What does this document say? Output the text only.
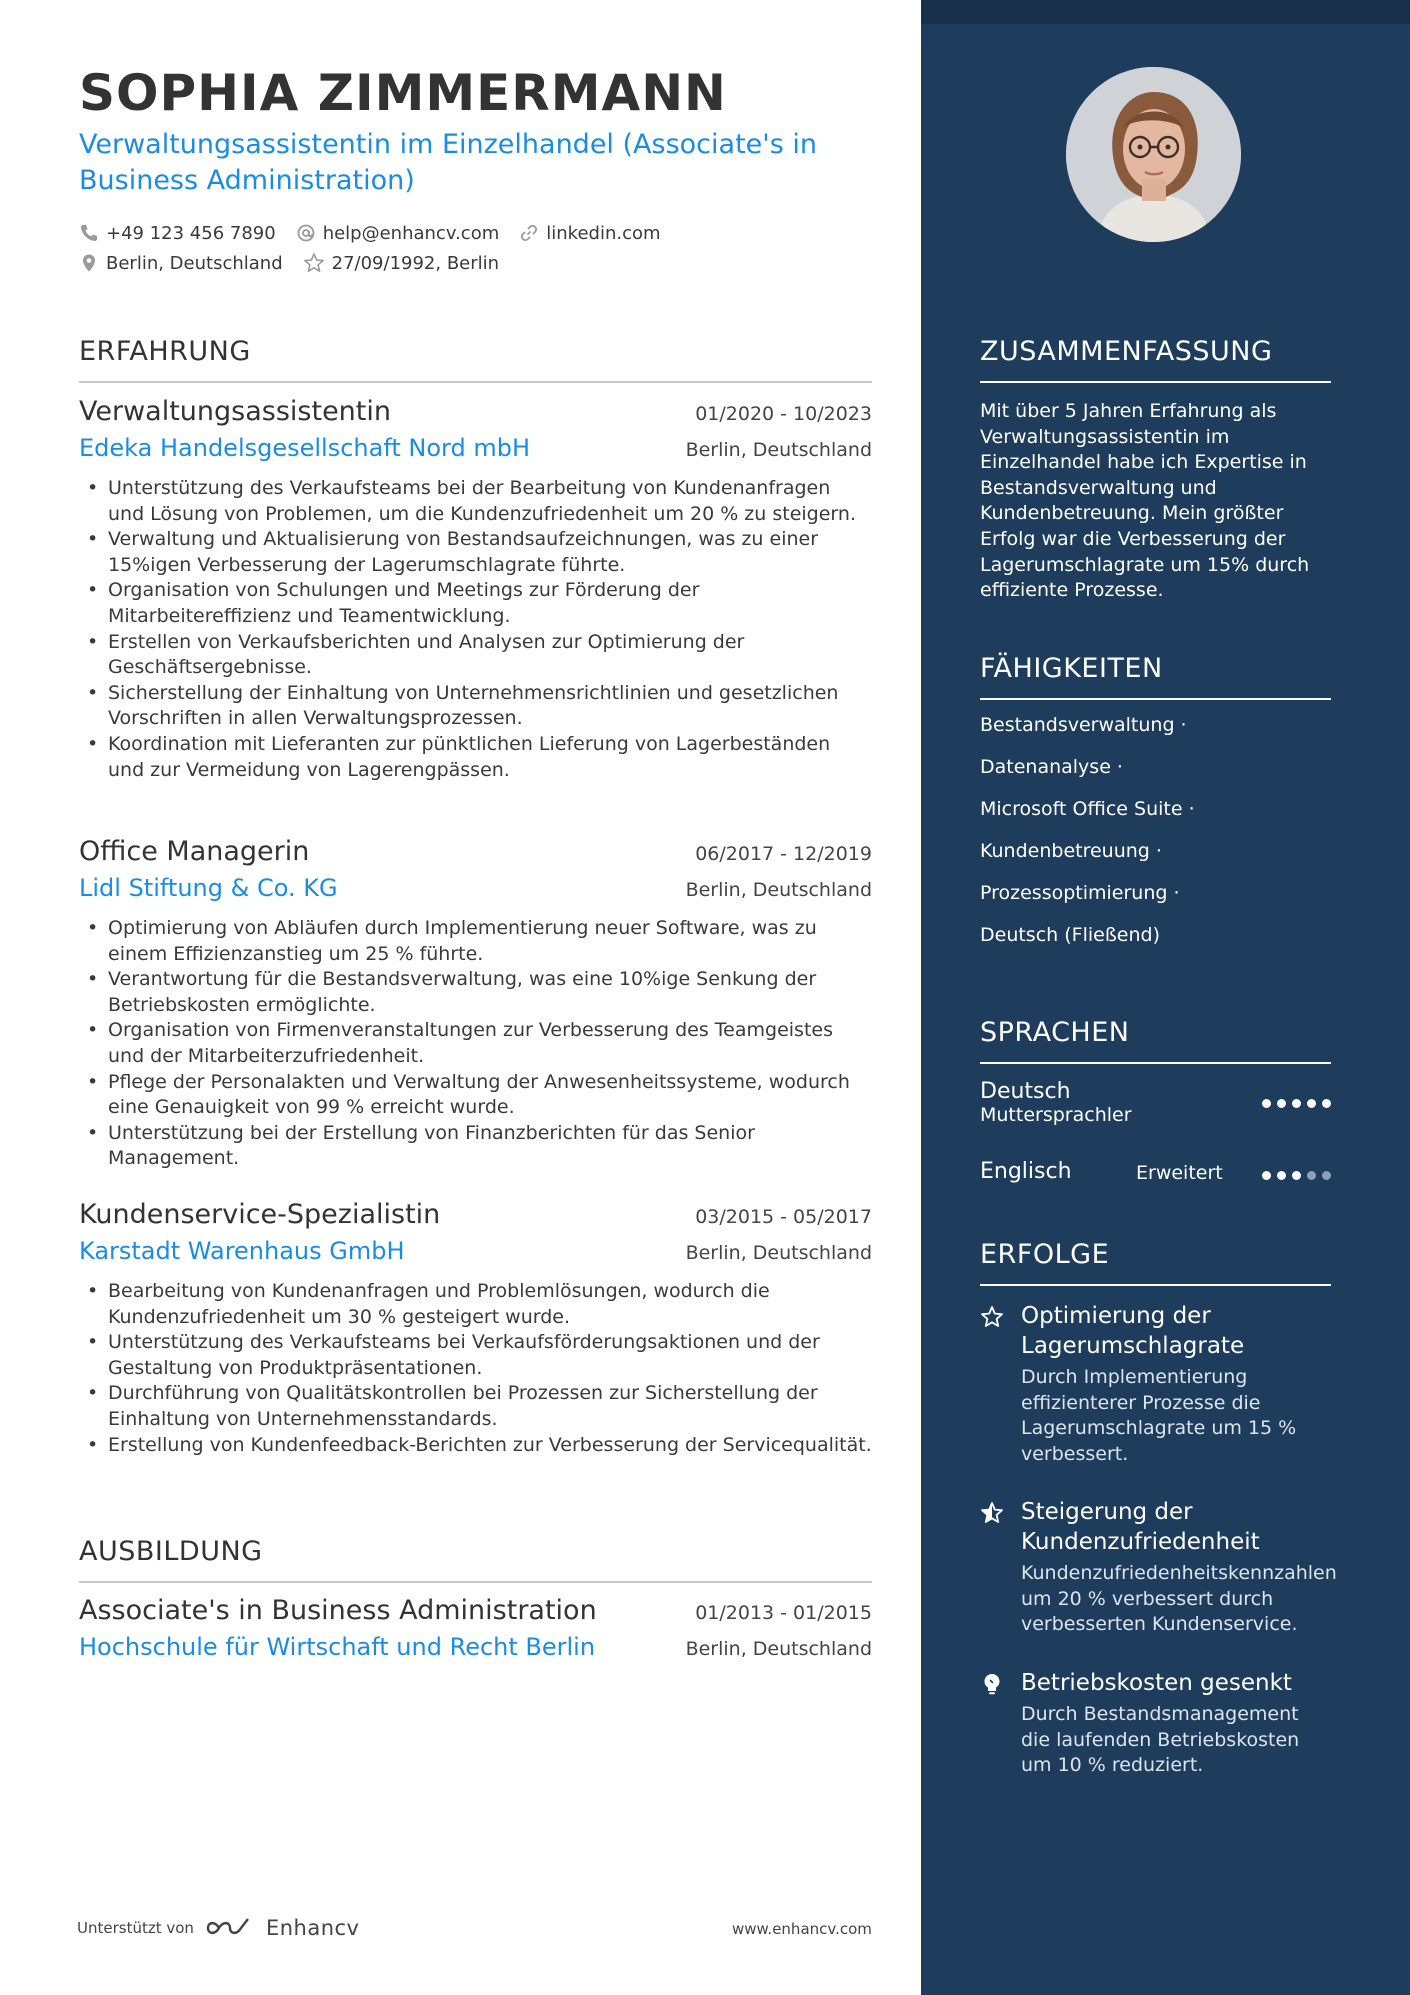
SOPHIA ZIMMERMANN
Verwaltungsassistentin im Einzelhandel (Associate's in Business Administration)
+49 123 456 7890	help@enhancv.com	linkedin.com
Berlin, Deutschland	27/09/1992, Berlin
ERFAHRUNG
Verwaltungsassistentin	01/2020 - 10/2023
Edeka Handelsgesellschaft Nord mbH	Berlin, Deutschland
• Unterstützung des Verkaufsteams bei der Bearbeitung von Kundenanfragen und Lösung von Problemen, um die Kundenzufriedenheit um 20 % zu steigern.
• Verwaltung und Aktualisierung von Bestandsaufzeichnungen, was zu einer 15%igen Verbesserung der Lagerumschlagrate führte.
• Organisation von Schulungen und Meetings zur Förderung der Mitarbeitereffizienz und Teamentwicklung.
• Erstellen von Verkaufsberichten und Analysen zur Optimierung der Geschäftsergebnisse.
• Sicherstellung der Einhaltung von Unternehmensrichtlinien und gesetzlichen Vorschriften in allen Verwaltungsprozessen.
• Koordination mit Lieferanten zur pünktlichen Lieferung von Lagerbeständen und zur Vermeidung von Lagerengpässen.
Office Managerin	06/2017 - 12/2019
Lidl Stiftung & Co. KG	Berlin, Deutschland
• Optimierung von Abläufen durch Implementierung neuer Software, was zu einem Effizienzanstieg um 25 % führte.
• Verantwortung für die Bestandsverwaltung, was eine 10%ige Senkung der Betriebskosten ermöglichte.
• Organisation von Firmenveranstaltungen zur Verbesserung des Teamgeistes und der Mitarbeiterzufriedenheit.
• Pflege der Personalakten und Verwaltung der Anwesenheitssysteme, wodurch eine Genauigkeit von 99 % erreicht wurde.
• Unterstützung bei der Erstellung von Finanzberichten für das Senior Management.
Kundenservice-Spezialistin	03/2015 - 05/2017
Karstadt Warenhaus GmbH	Berlin, Deutschland
• Bearbeitung von Kundenanfragen und Problemlösungen, wodurch die Kundenzufriedenheit um 30 % gesteigert wurde.
• Unterstützung des Verkaufsteams bei Verkaufsförderungsaktionen und der Gestaltung von Produktpräsentationen.
• Durchführung von Qualitätskontrollen bei Prozessen zur Sicherstellung der Einhaltung von Unternehmensstandards.
• Erstellung von Kundenfeedback-Berichten zur Verbesserung der Servicequalität.
AUSBILDUNG
Associate's in Business Administration	01/2013 - 01/2015
Hochschule für Wirtschaft und Recht Berlin	Berlin, Deutschland
Unterstützt von	Enhancv	www.enhancv.com
ZUSAMMENFASSUNG
Mit über 5 Jahren Erfahrung als Verwaltungsassistentin im Einzelhandel habe ich Expertise in Bestandsverwaltung und Kundenbetreuung. Mein größter Erfolg war die Verbesserung der Lagerumschlagrate um 15% durch effiziente Prozesse.
FÄHIGKEITEN
Bestandsverwaltung ·
Datenanalyse ·
Microsoft Office Suite ·
Kundenbetreuung ·
Prozessoptimierung ·
Deutsch (Fließend)
SPRACHEN
Deutsch
Muttersprachler
Englisch	Erweitert
ERFOLGE
Optimierung der Lagerumschlagrate
Durch Implementierung effizienterer Prozesse die Lagerumschlagrate um 15 % verbessert.
Steigerung der Kundenzufriedenheit
Kundenzufriedenheitskennzahlen um 20 % verbessert durch verbesserten Kundenservice.
Betriebskosten gesenkt
Durch Bestandsmanagement die laufenden Betriebskosten um 10 % reduziert.
